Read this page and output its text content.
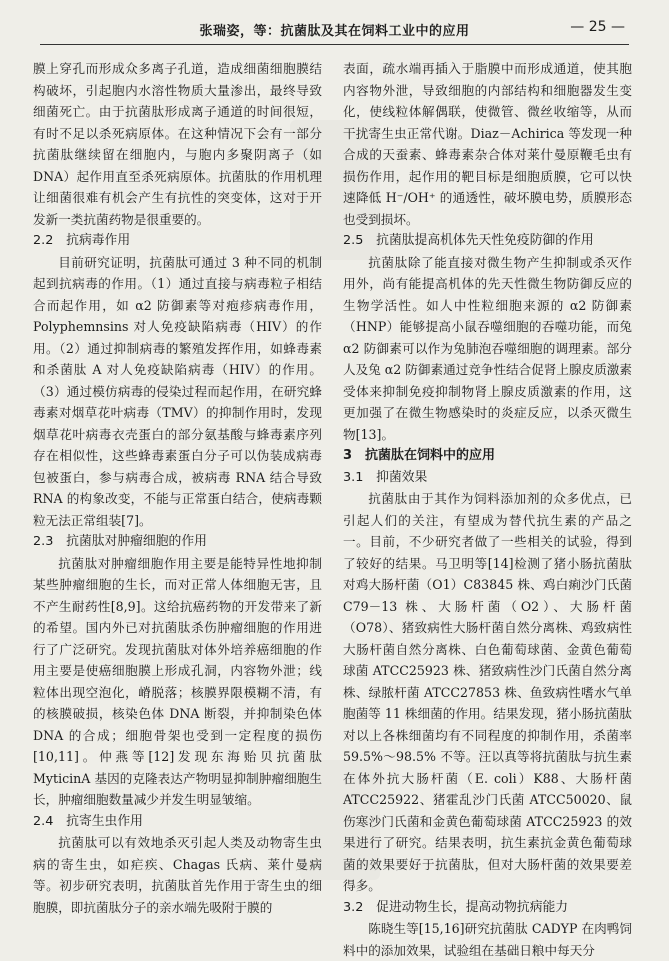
张瑞姿，等：抗菌肽及其在饲料工业中的应用	— 25 —

膜上穿孔而形成众多离子孔道，造成细菌细胞膜结构破坏，引起胞内水溶性物质大量渗出，最终导致细菌死亡。由于抗菌肽形成离子通道的时间很短，有时不足以杀死病原体。在这种情况下会有一部分抗菌肽继续留在细胞内，与胞内多聚阴离子（如 DNA）起作用直至杀死病原体。抗菌肽的作用机理让细菌很难有机会产生有抗性的突变体，这对于开发新一类抗菌药物是很重要的。

2.2　抗病毒作用

目前研究证明，抗菌肽可通过 3 种不同的机制起到抗病毒的作用。（1）通过直接与病毒粒子相结合而起作用，如 α2 防御素等对疱疹病毒作用，Polyphemnsins 对人免疫缺陷病毒（HIV）的作用。（2）通过抑制病毒的繁殖发挥作用，如蜂毒素和杀菌肽 A 对人免疫缺陷病毒（HIV）的作用。（3）通过模仿病毒的侵染过程而起作用，在研究蜂毒素对烟草花叶病毒（TMV）的抑制作用时，发现烟草花叶病毒衣壳蛋白的部分氨基酸与蜂毒素序列存在相似性，这些蜂毒素蛋白分子可以伪装成病毒包被蛋白，参与病毒合成，被病毒 RNA 结合导致 RNA 的构象改变，不能与正常蛋白结合，使病毒颗粒无法正常组装[7]。

2.3　抗菌肽对肿瘤细胞的作用

抗菌肽对肿瘤细胞作用主要是能特异性地抑制某些肿瘤细胞的生长，而对正常人体细胞无害，且不产生耐药性[8,9]。这给抗癌药物的开发带来了新的希望。国内外已对抗菌肽杀伤肿瘤细胞的作用进行了广泛研究。发现抗菌肽对体外培养癌细胞的作用主要是使癌细胞膜上形成孔洞，内容物外泄；线粒体出现空泡化，嵴脱落；核膜界限模糊不清，有的核膜破损，核染色体 DNA 断裂，并抑制染色体 DNA 的合成；细胞骨架也受到一定程度的损伤[10,11]。仲燕等[12]发现东海贻贝抗菌肽 MyticinA 基因的克隆表达产物明显抑制肿瘤细胞生长，肿瘤细胞数量减少并发生明显皱缩。

2.4　抗寄生虫作用

抗菌肽可以有效地杀灭引起人类及动物寄生虫病的寄生虫，如疟疾、Chagas 氏病、莱什曼病等。初步研究表明，抗菌肽首先作用于寄生虫的细胞膜，即抗菌肽分子的亲水端先吸附于膜的

表面，疏水端再插入于脂膜中而形成通道，使其胞内容物外泄，导致细胞的内部结构和细胞器发生变化，使线粒体解偶联，使微管、微丝收缩等，从而干扰寄生虫正常代谢。Diaz－Achirica 等发现一种合成的天蚕素、蜂毒素杂合体对莱什曼原鞭毛虫有损伤作用，起作用的靶目标是细胞质膜，它可以快速降低 H⁻/OH⁺ 的通透性，破坏膜电势，质膜形态也受到损坏。

2.5　抗菌肽提高机体先天性免疫防御的作用

抗菌肽除了能直接对微生物产生抑制或杀灭作用外，尚有能提高机体的先天性微生物防御反应的生物学活性。如人中性粒细胞来源的 α2 防御素（HNP）能够提高小鼠吞噬细胞的吞噬功能，而兔 α2 防御素可以作为兔肺泡吞噬细胞的调理素。部分人及兔 α2 防御素通过竞争性结合促肾上腺皮质激素受体来抑制免疫抑制物肾上腺皮质激素的作用，这更加强了在微生物感染时的炎症反应，以杀灭微生物[13]。

3　抗菌肽在饲料中的应用
3.1　抑菌效果

抗菌肽由于其作为饲料添加剂的众多优点，已引起人们的关注，有望成为替代抗生素的产品之一。目前，不少研究者做了一些相关的试验，得到了较好的结果。马卫明等[14]检测了猪小肠抗菌肽对鸡大肠杆菌（O1）C83845 株、鸡白痢沙门氏菌 C79－13 株、大肠杆菌（O2）、大肠杆菌（O78）、猪致病性大肠杆菌自然分离株、鸡致病性大肠杆菌自然分离株、白色葡萄球菌、金黄色葡萄球菌 ATCC25923 株、猪致病性沙门氏菌自然分离株、绿脓杆菌 ATCC27853 株、鱼致病性嗜水气单胞菌等 11 株细菌的作用。结果发现，猪小肠抗菌肽对以上各株细菌均有不同程度的抑制作用，杀菌率 59.5%～98.5% 不等。汪以真等将抗菌肽与抗生素在体外抗大肠杆菌（E. coli）K88、大肠杆菌 ATCC25922、猪霍乱沙门氏菌 ATCC50020、鼠伤寒沙门氏菌和金黄色葡萄球菌 ATCC25923 的效果进行了研究。结果表明，抗生素抗金黄色葡萄球菌的效果要好于抗菌肽，但对大肠杆菌的效果要差得多。

3.2　促进动物生长，提高动物抗病能力

陈晓生等[15,16]研究抗菌肽 CADYP 在肉鸭饲料中的添加效果，试验组在基础日粮中每天分
